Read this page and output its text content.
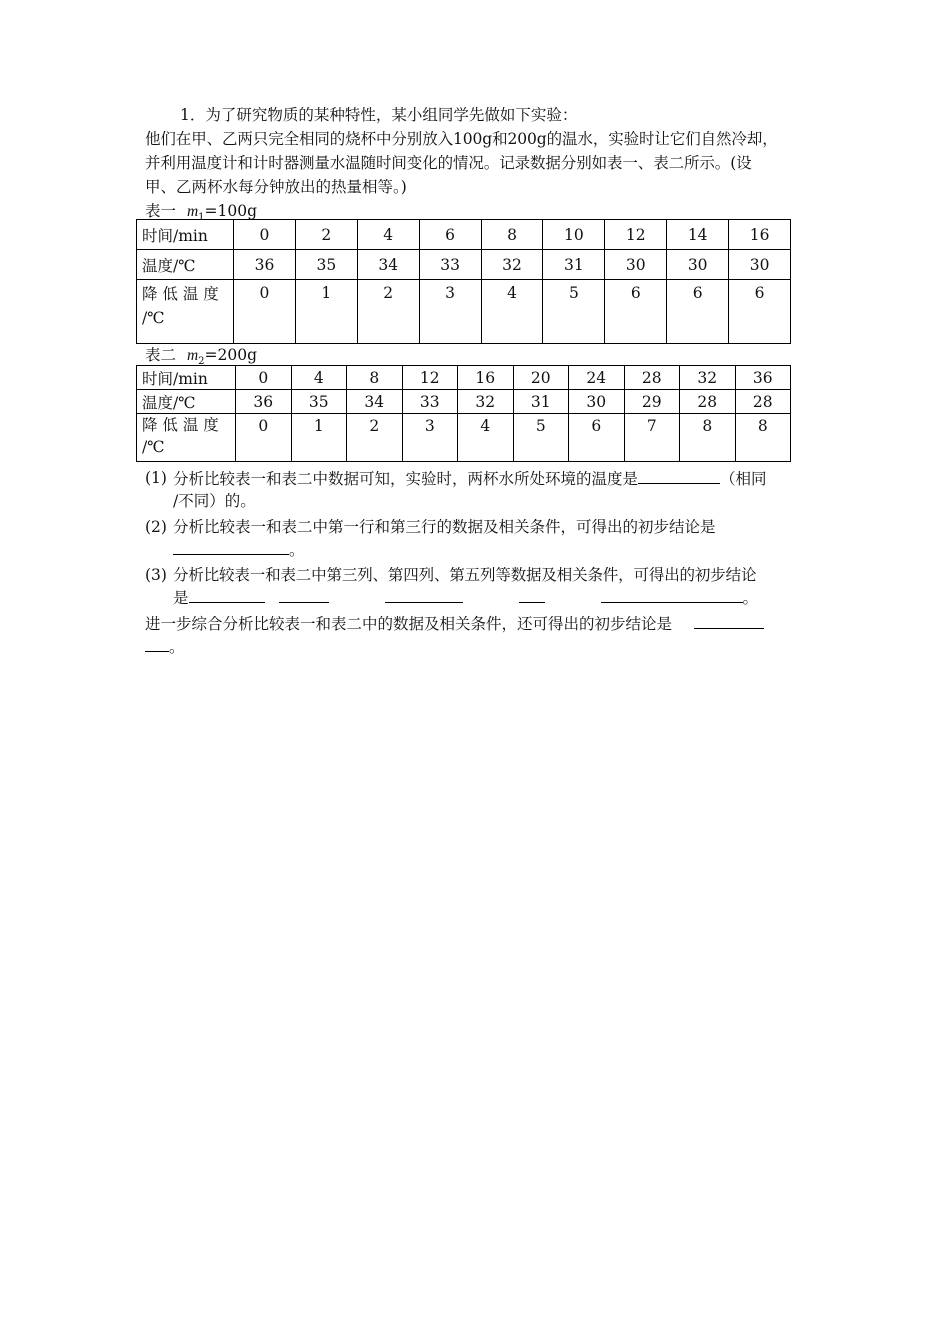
1．为了研究物质的某种特性，某小组同学先做如下实验：
他们在甲、乙两只完全相同的烧杯中分别放入100g和200g的温水，实验时让它们自然冷却，
并利用温度计和计时器测量水温随时间变化的情况。记录数据分别如表一、表二所示。(设
甲、乙两杯水每分钟放出的热量相等。)
表一 $m_1=100g$
时间/min	0	2	4	6	8	10	12	14	16
温度/℃	36	35	34	33	32	31	30	30	30

降 低 温 度
/℃	0	1	2	3	4	5	6	6	6
表二 $m_2=200g$
时间/min	0	4	8	12	16	20	24	28	32	36
温度/℃	36	35	34	33	32	31	30	29	28	28

降 低 温 度
/℃	0	1	2	3	4	5	6	7	8	8
(1) 分析比较表一和表二中数据可知，实验时，两杯水所处环境的温度是	（相同
/不同）的。
(2) 分析比较表一和表二中第一行和第三行的数据及相关条件，可得出的初步结论是
。
(3) 分析比较表一和表二中第三列、第四列、第五列等数据及相关条件，可得出的初步结论
是	。
进一步综合分析比较表一和表二中的数据及相关条件，还可得出的初步结论是
。
